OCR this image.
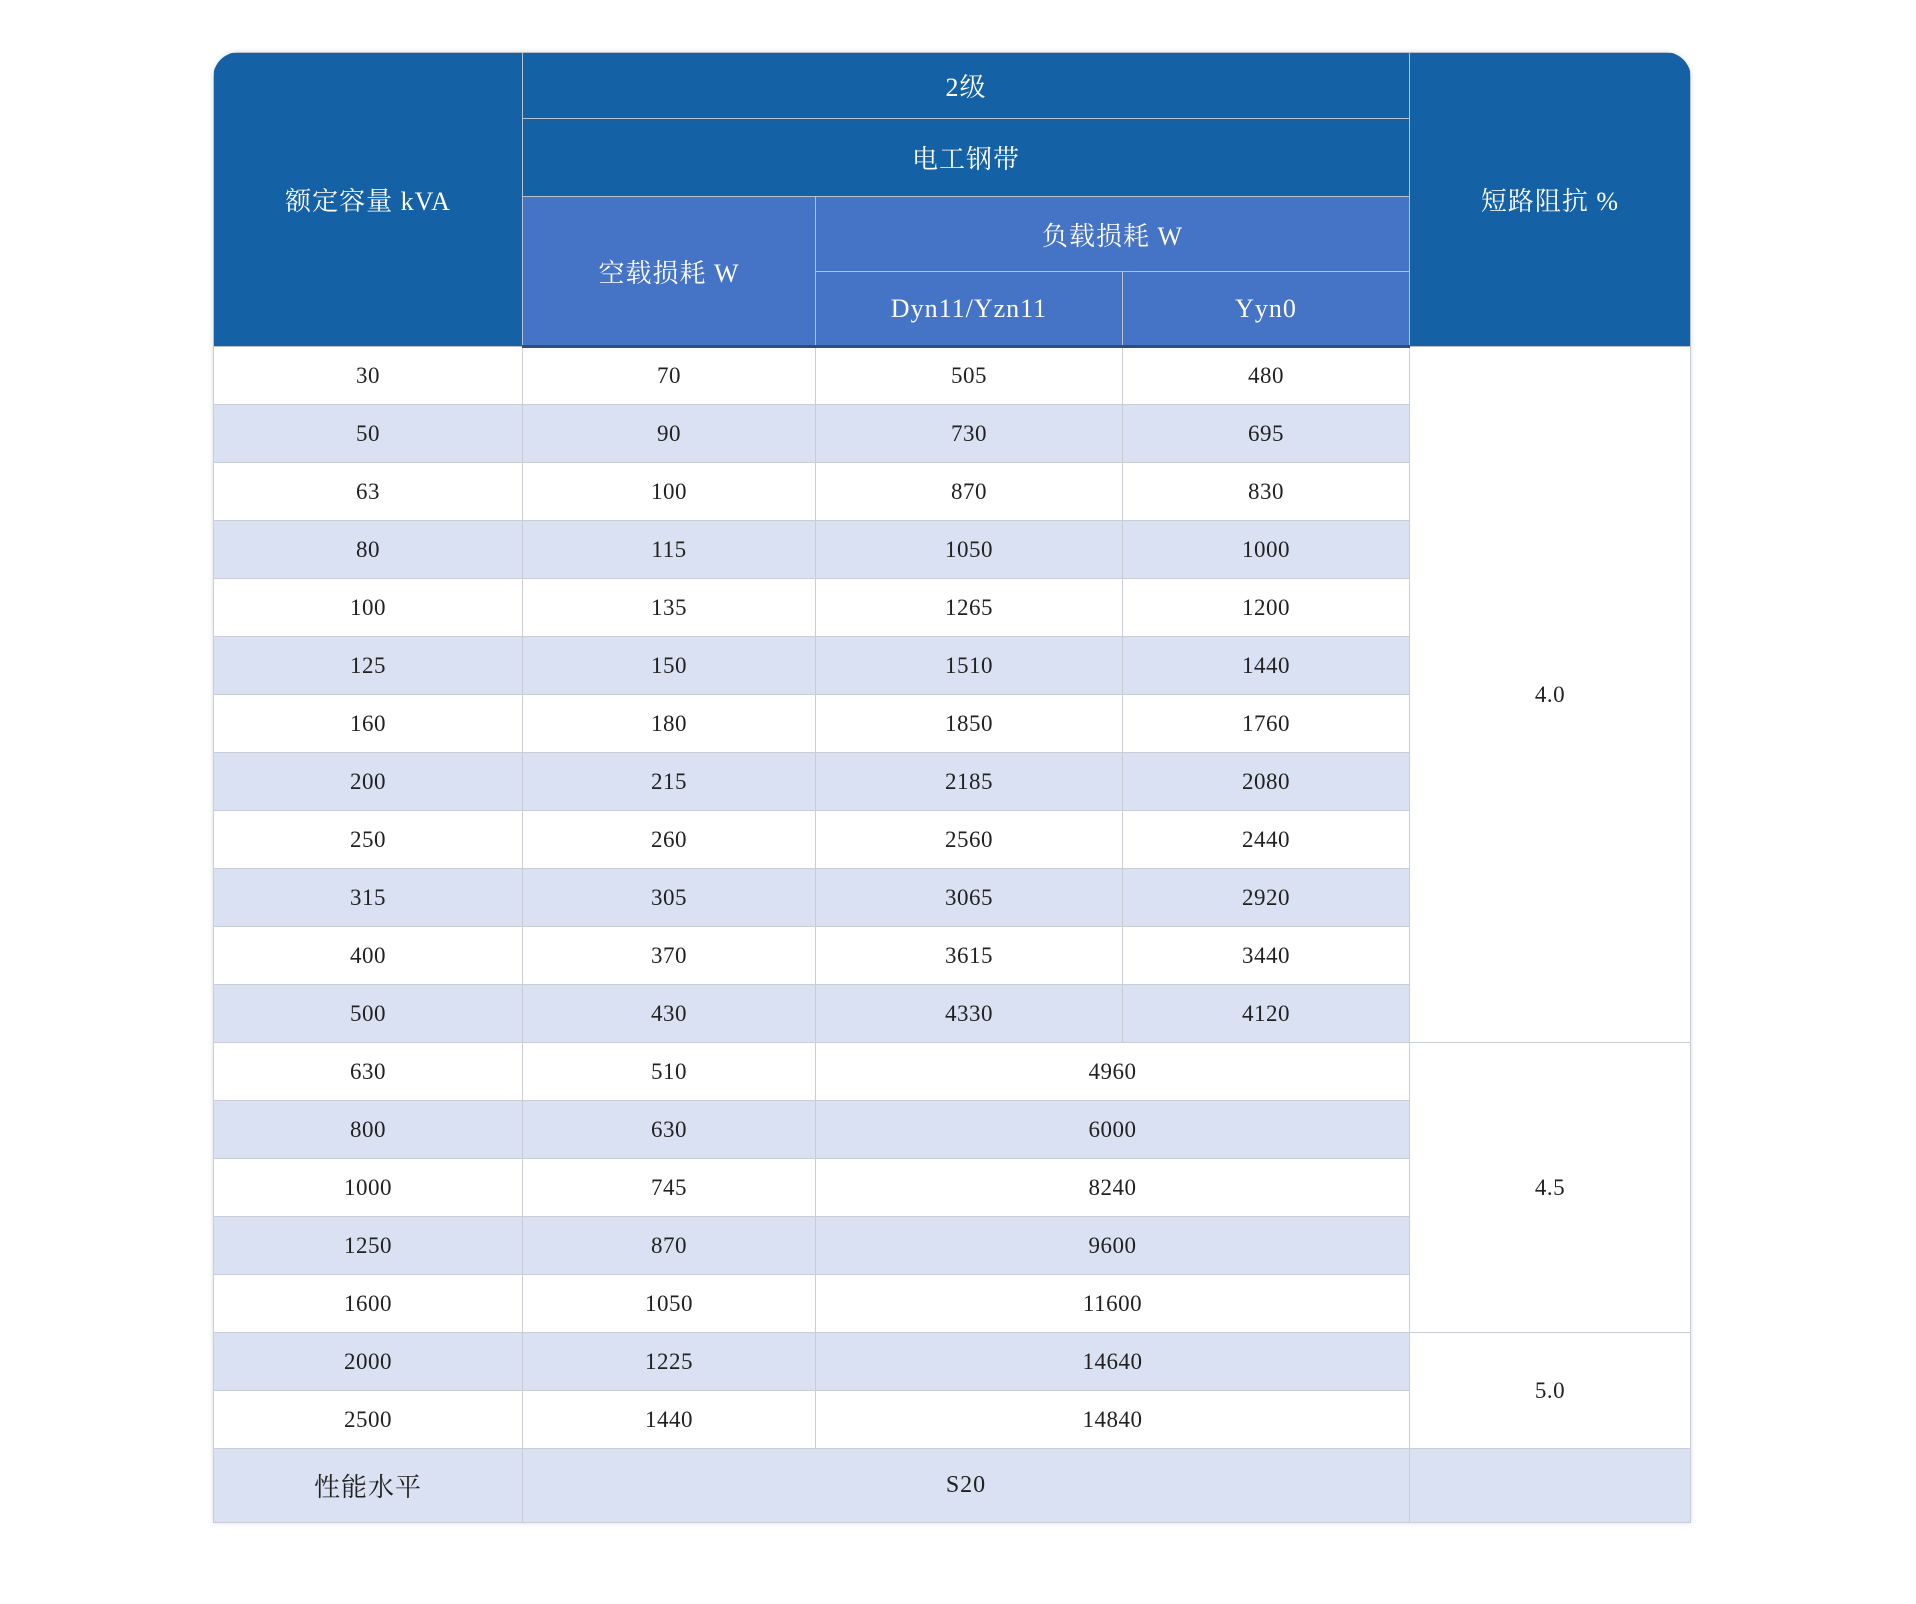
额定容量 kVA	2级			短路阻抗 %
	电工钢带			
	空载损耗 W	负载损耗 W		
		Dyn11/Yzn11	Yyn0	
30	70	505	480	4.0
50	90	730	695	
63	100	870	830	
80	115	1050	1000	
100	135	1265	1200	
125	150	1510	1440	
160	180	1850	1760	
200	215	2185	2080	
250	260	2560	2440	
315	305	3065	2920	
400	370	3615	3440	
500	430	4330	4120	
630	510	4960		4.5
800	630	6000		
1000	745	8240		
1250	870	9600		
1600	1050	11600		
2000	1225	14640		5.0
2500	1440	14840		
性能水平	S20			
